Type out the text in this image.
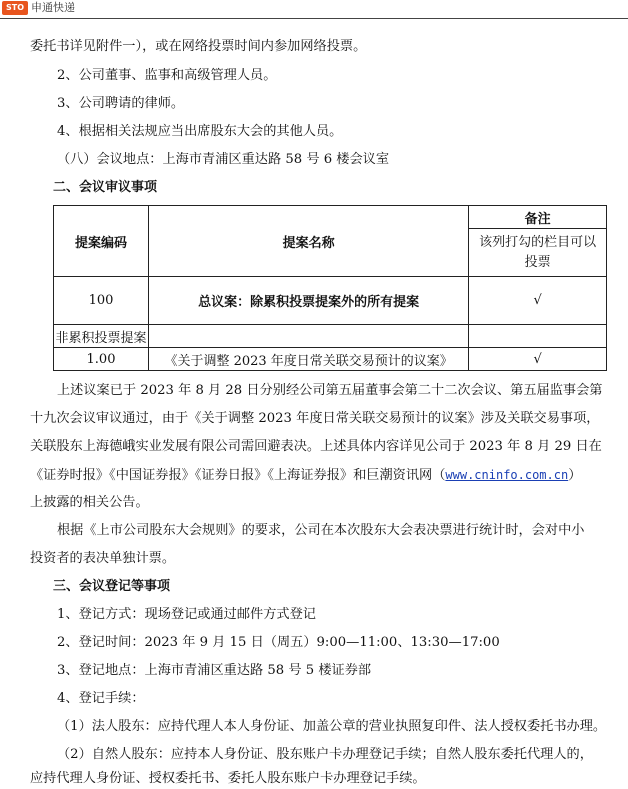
STO 申通快递
委托书详见附件一），或在网络投票时间内参加网络投票。
2、公司董事、监事和高级管理人员。
3、公司聘请的律师。
4、根据相关法规应当出席股东大会的其他人员。
（八）会议地点：上海市青浦区重达路 58 号 6 楼会议室
二、会议审议事项
提案编码	提案名称	备注
		该列打勾的栏目可以
投票
100	总议案：除累积投票提案外的所有提案	√
非累积投票提案		
1.00	《关于调整 2023 年度日常关联交易预计的议案》	√
上述议案已于 2023 年 8 月 28 日分别经公司第五届董事会第二十二次会议、第五届监事会第
十九次会议审议通过，由于《关于调整 2023 年度日常关联交易预计的议案》涉及关联交易事项，
关联股东上海德峨实业发展有限公司需回避表决。上述具体内容详见公司于 2023 年 8 月 29 日在
《证券时报》《中国证券报》《证券日报》《上海证券报》和巨潮资讯网（www.cninfo.com.cn）
上披露的相关公告。
根据《上市公司股东大会规则》的要求，公司在本次股东大会表决票进行统计时，会对中小
投资者的表决单独计票。
三、会议登记等事项
1、登记方式：现场登记或通过邮件方式登记
2、登记时间：2023 年 9 月 15 日（周五）9:00—11:00、13:30—17:00
3、登记地点：上海市青浦区重达路 58 号 5 楼证券部
4、登记手续：
（1）法人股东：应持代理人本人身份证、加盖公章的营业执照复印件、法人授权委托书办理。
（2）自然人股东：应持本人身份证、股东账户卡办理登记手续；自然人股东委托代理人的，
应持代理人身份证、授权委托书、委托人股东账户卡办理登记手续。
